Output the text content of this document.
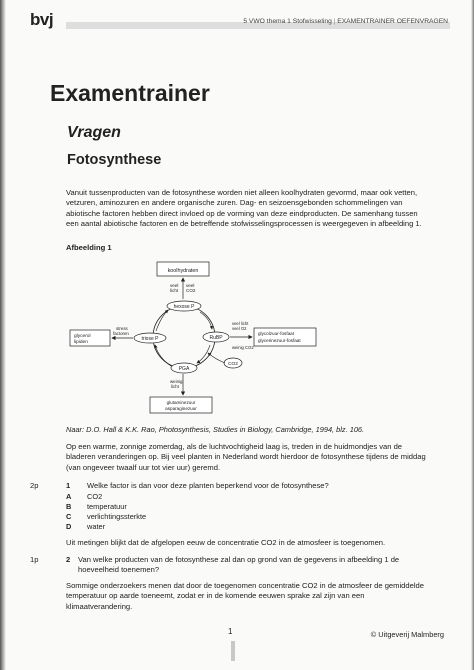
bvj	5 VWO thema 1 Stofwisseling | EXAMENTRAINER OEFENVRAGEN
Examentrainer
Vragen
Fotosynthese

Vanuit tussenproducten van de fotosynthese worden niet alleen koolhydraten gevormd, maar ook vetten, vetzuren, aminozuren en andere organische zuren. Dag- en seizoensgebonden schommelingen van abiotische factoren hebben direct invloed op de vorming van deze eindproducten. De samenhang tussen een aantal abiotische factoren en de betreffende stofwisselingsprocessen is weergegeven in afbeelding 1.

Afbeelding 1
koolhydraten
veel
licht
veel
CO2
hexose P
triose P	RuBP
PGA
glycerol
lipiden
stress
factoren	glycolzuur-fosfaat
glycerinezuur-fosfaat
veel licht
veel O2
weinig CO2
CO2
glutaminezuur
asparaginezuur
weinig
licht
Naar: D.O. Hall & K.K. Rao, Photosynthesis, Studies in Biology, Cambridge, 1994, blz. 106.

Op een warme, zonnige zomerdag, als de luchtvochtigheid laag is, treden in de huidmondjes van de bladeren veranderingen op. Bij veel planten in Nederland wordt hierdoor de fotosynthese tijdens de middag (van ongeveer twaalf uur tot vier uur) geremd.

2p	1 Welke factor is dan voor deze planten beperkend voor de fotosynthese?

A CO2
B temperatuur
C verlichtingssterkte
D water

Uit metingen blijkt dat de afgelopen eeuw de concentratie CO2 in de atmosfeer is toegenomen.

1p	2 Van welke producten van de fotosynthese zal dan op grond van de gegevens in afbeelding 1 de hoeveelheid toenemen?

Sommige onderzoekers menen dat door de toegenomen concentratie CO2 in de atmosfeer de gemiddelde temperatuur op aarde toeneemt, zodat er in de komende eeuwen sprake zal zijn van een klimaatverandering.

1	© Uitgeverij Malmberg
